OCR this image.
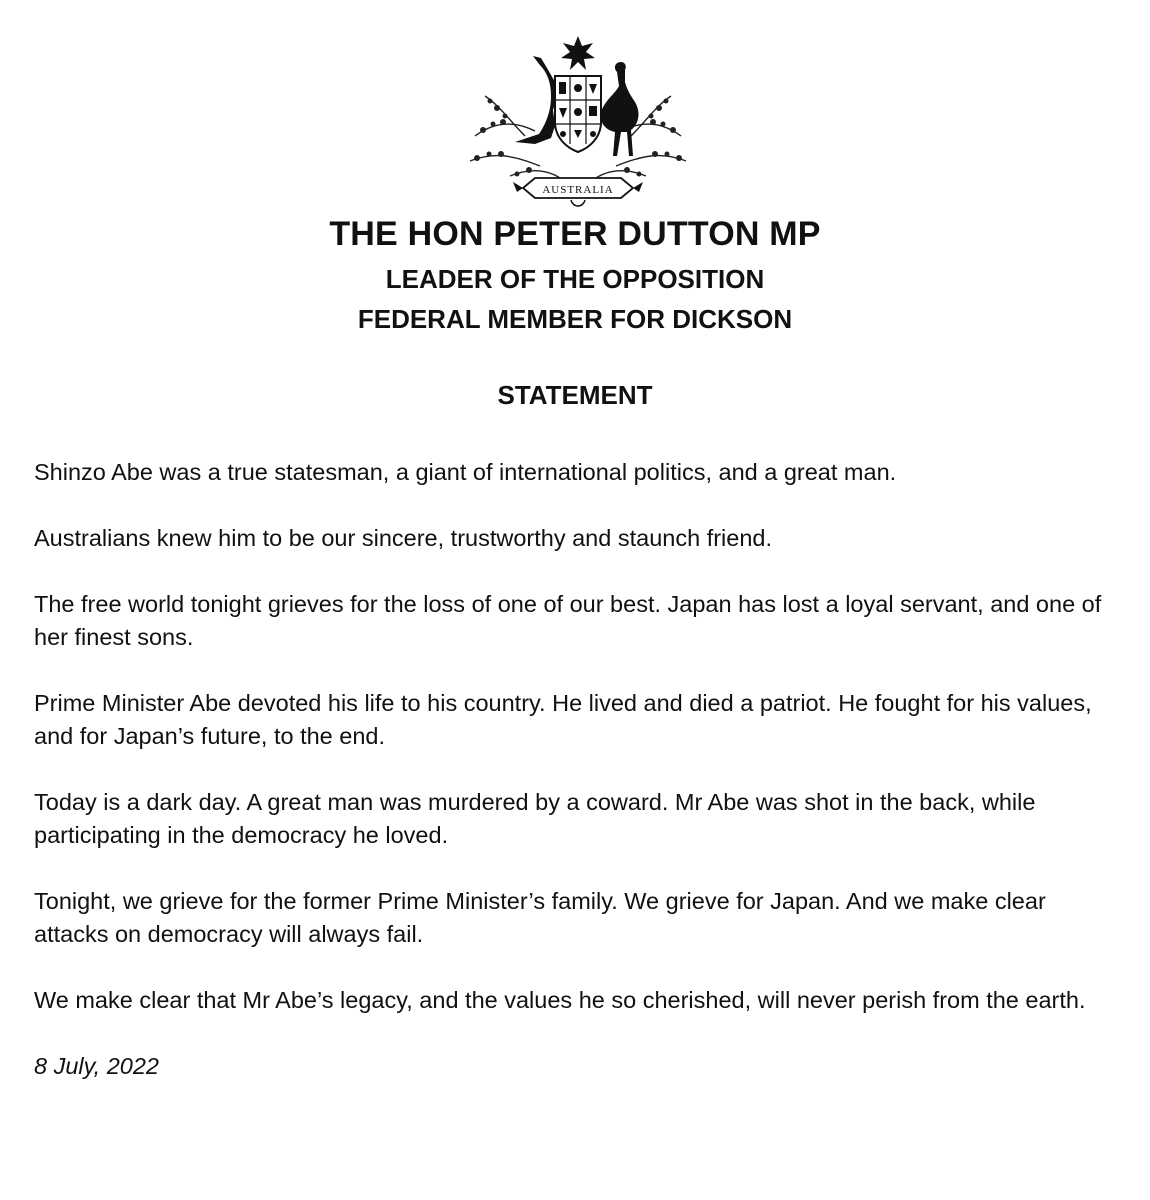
AUSTRALIA
THE HON PETER DUTTON MP
LEADER OF THE OPPOSITION
FEDERAL MEMBER FOR DICKSON
STATEMENT

Shinzo Abe was a true statesman, a giant of international politics, and a great man.

Australians knew him to be our sincere, trustworthy and staunch friend.

The free world tonight grieves for the loss of one of our best. Japan has lost a loyal servant, and one of her finest sons.

Prime Minister Abe devoted his life to his country. He lived and died a patriot. He fought for his values, and for Japan’s future, to the end.

Today is a dark day. A great man was murdered by a coward. Mr Abe was shot in the back, while participating in the democracy he loved.

Tonight, we grieve for the former Prime Minister’s family. We grieve for Japan. And we make clear attacks on democracy will always fail.

We make clear that Mr Abe’s legacy, and the values he so cherished, will never perish from the earth.

8 July, 2022
